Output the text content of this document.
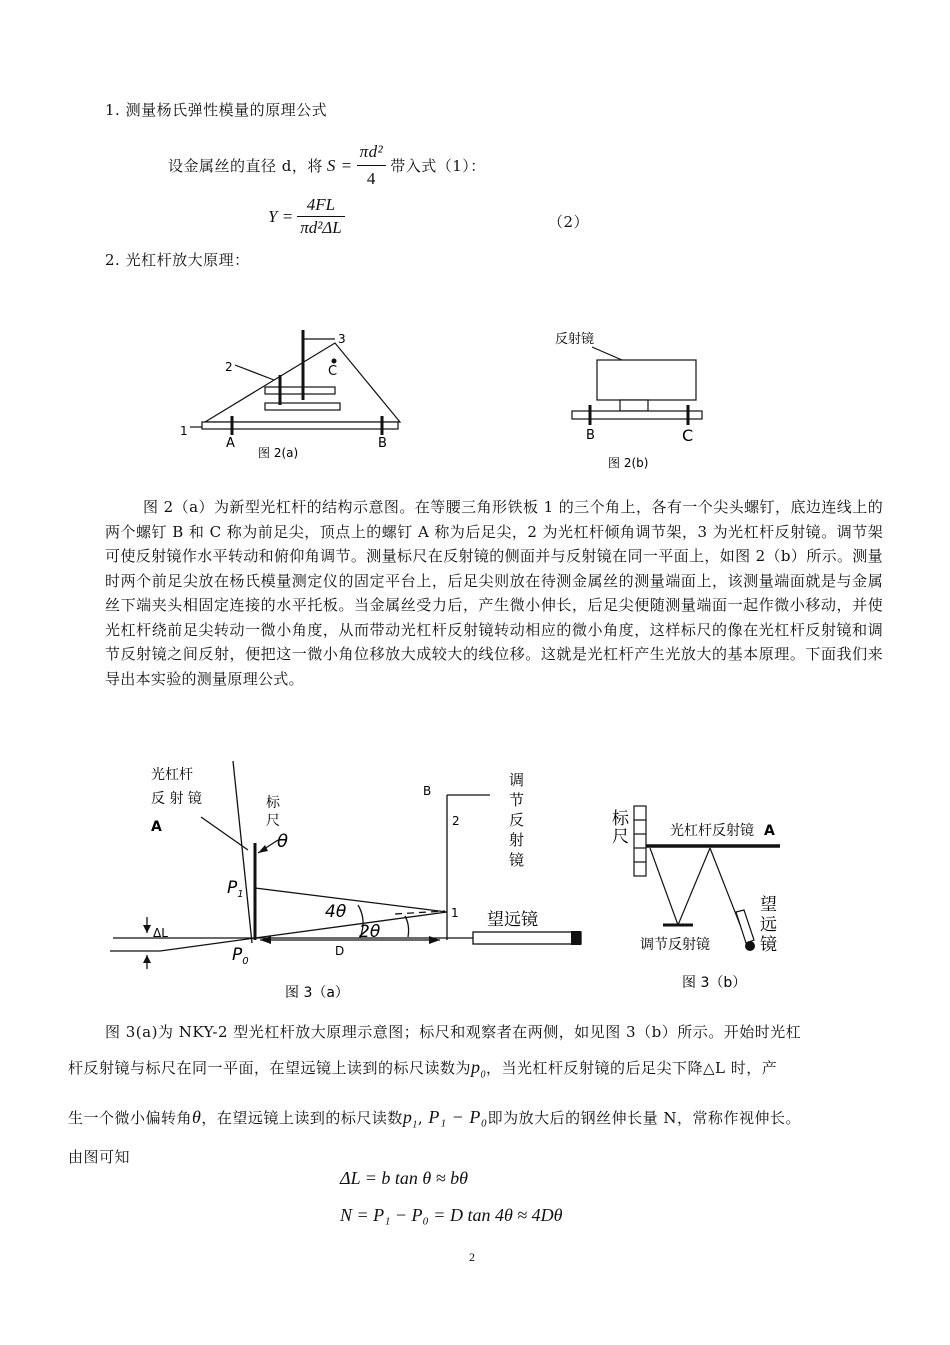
1. 测量杨氏弹性模量的原理公式
设金属丝的直径 d，将 $S = \frac{\text{πd²}}{4}$ 带入式（1）：
$Y = \frac{4FL}{\text{πd²ΔL}}$	（2）
2. 光杠杆放大原理：
3
2
1
C
A	B
图 2(a)
反射镜
B	C
图 2(b)
图 2（a）为新型光杠杆的结构示意图。在等腰三角形铁板 1 的三个角上，各有一个尖头螺钉，底边连线上的两个螺钉 B 和 C 称为前足尖，顶点上的螺钉 A 称为后足尖，2 为光杠杆倾角调节架，3 为光杠杆反射镜。调节架可使反射镜作水平转动和俯仰角调节。测量标尺在反射镜的侧面并与反射镜在同一平面上，如图 2（b）所示。测量时两个前足尖放在杨氏模量测定仪的固定平台上，后足尖则放在待测金属丝的测量端面上，该测量端面就是与金属丝下端夹头相固定连接的水平托板。当金属丝受力后，产生微小伸长，后足尖便随测量端面一起作微小移动，并使光杠杆绕前足尖转动一微小角度，从而带动光杠杆反射镜转动相应的微小角度，这样标尺的像在光杠杆反射镜和调节反射镜之间反射，便把这一微小角位移放大成较大的线位移。这就是光杠杆产生光放大的基本原理。下面我们来导出本实验的测量原理公式。
光杠杆
反 射 镜
A
标
尺
θ
B
2
调
节
反
射
镜
$P_1$
$P_0$
4θ
2θ
1
ΔL
D
望远镜
图 3（a）
标
尺	光杠杆反射镜 A
调节反射镜
望
远
镜
图 3（b）
图 3(a)为 NKY-2 型光杠杆放大原理示意图；标尺和观察者在两侧，如见图 3（b）所示。开始时光杠
杆反射镜与标尺在同一平面，在望远镜上读到的标尺读数为$p_0$，当光杠杆反射镜的后足尖下降△L 时，产
生一个微小偏转角θ，在望远镜上读到的标尺读数$p_1$, P₁ − P₀即为放大后的钢丝伸长量 N，常称作视伸长。
由图可知
ΔL = b tan θ ≈ bθ
N = P₁ − P₀ = D tan 4θ ≈ 4Dθ
2
